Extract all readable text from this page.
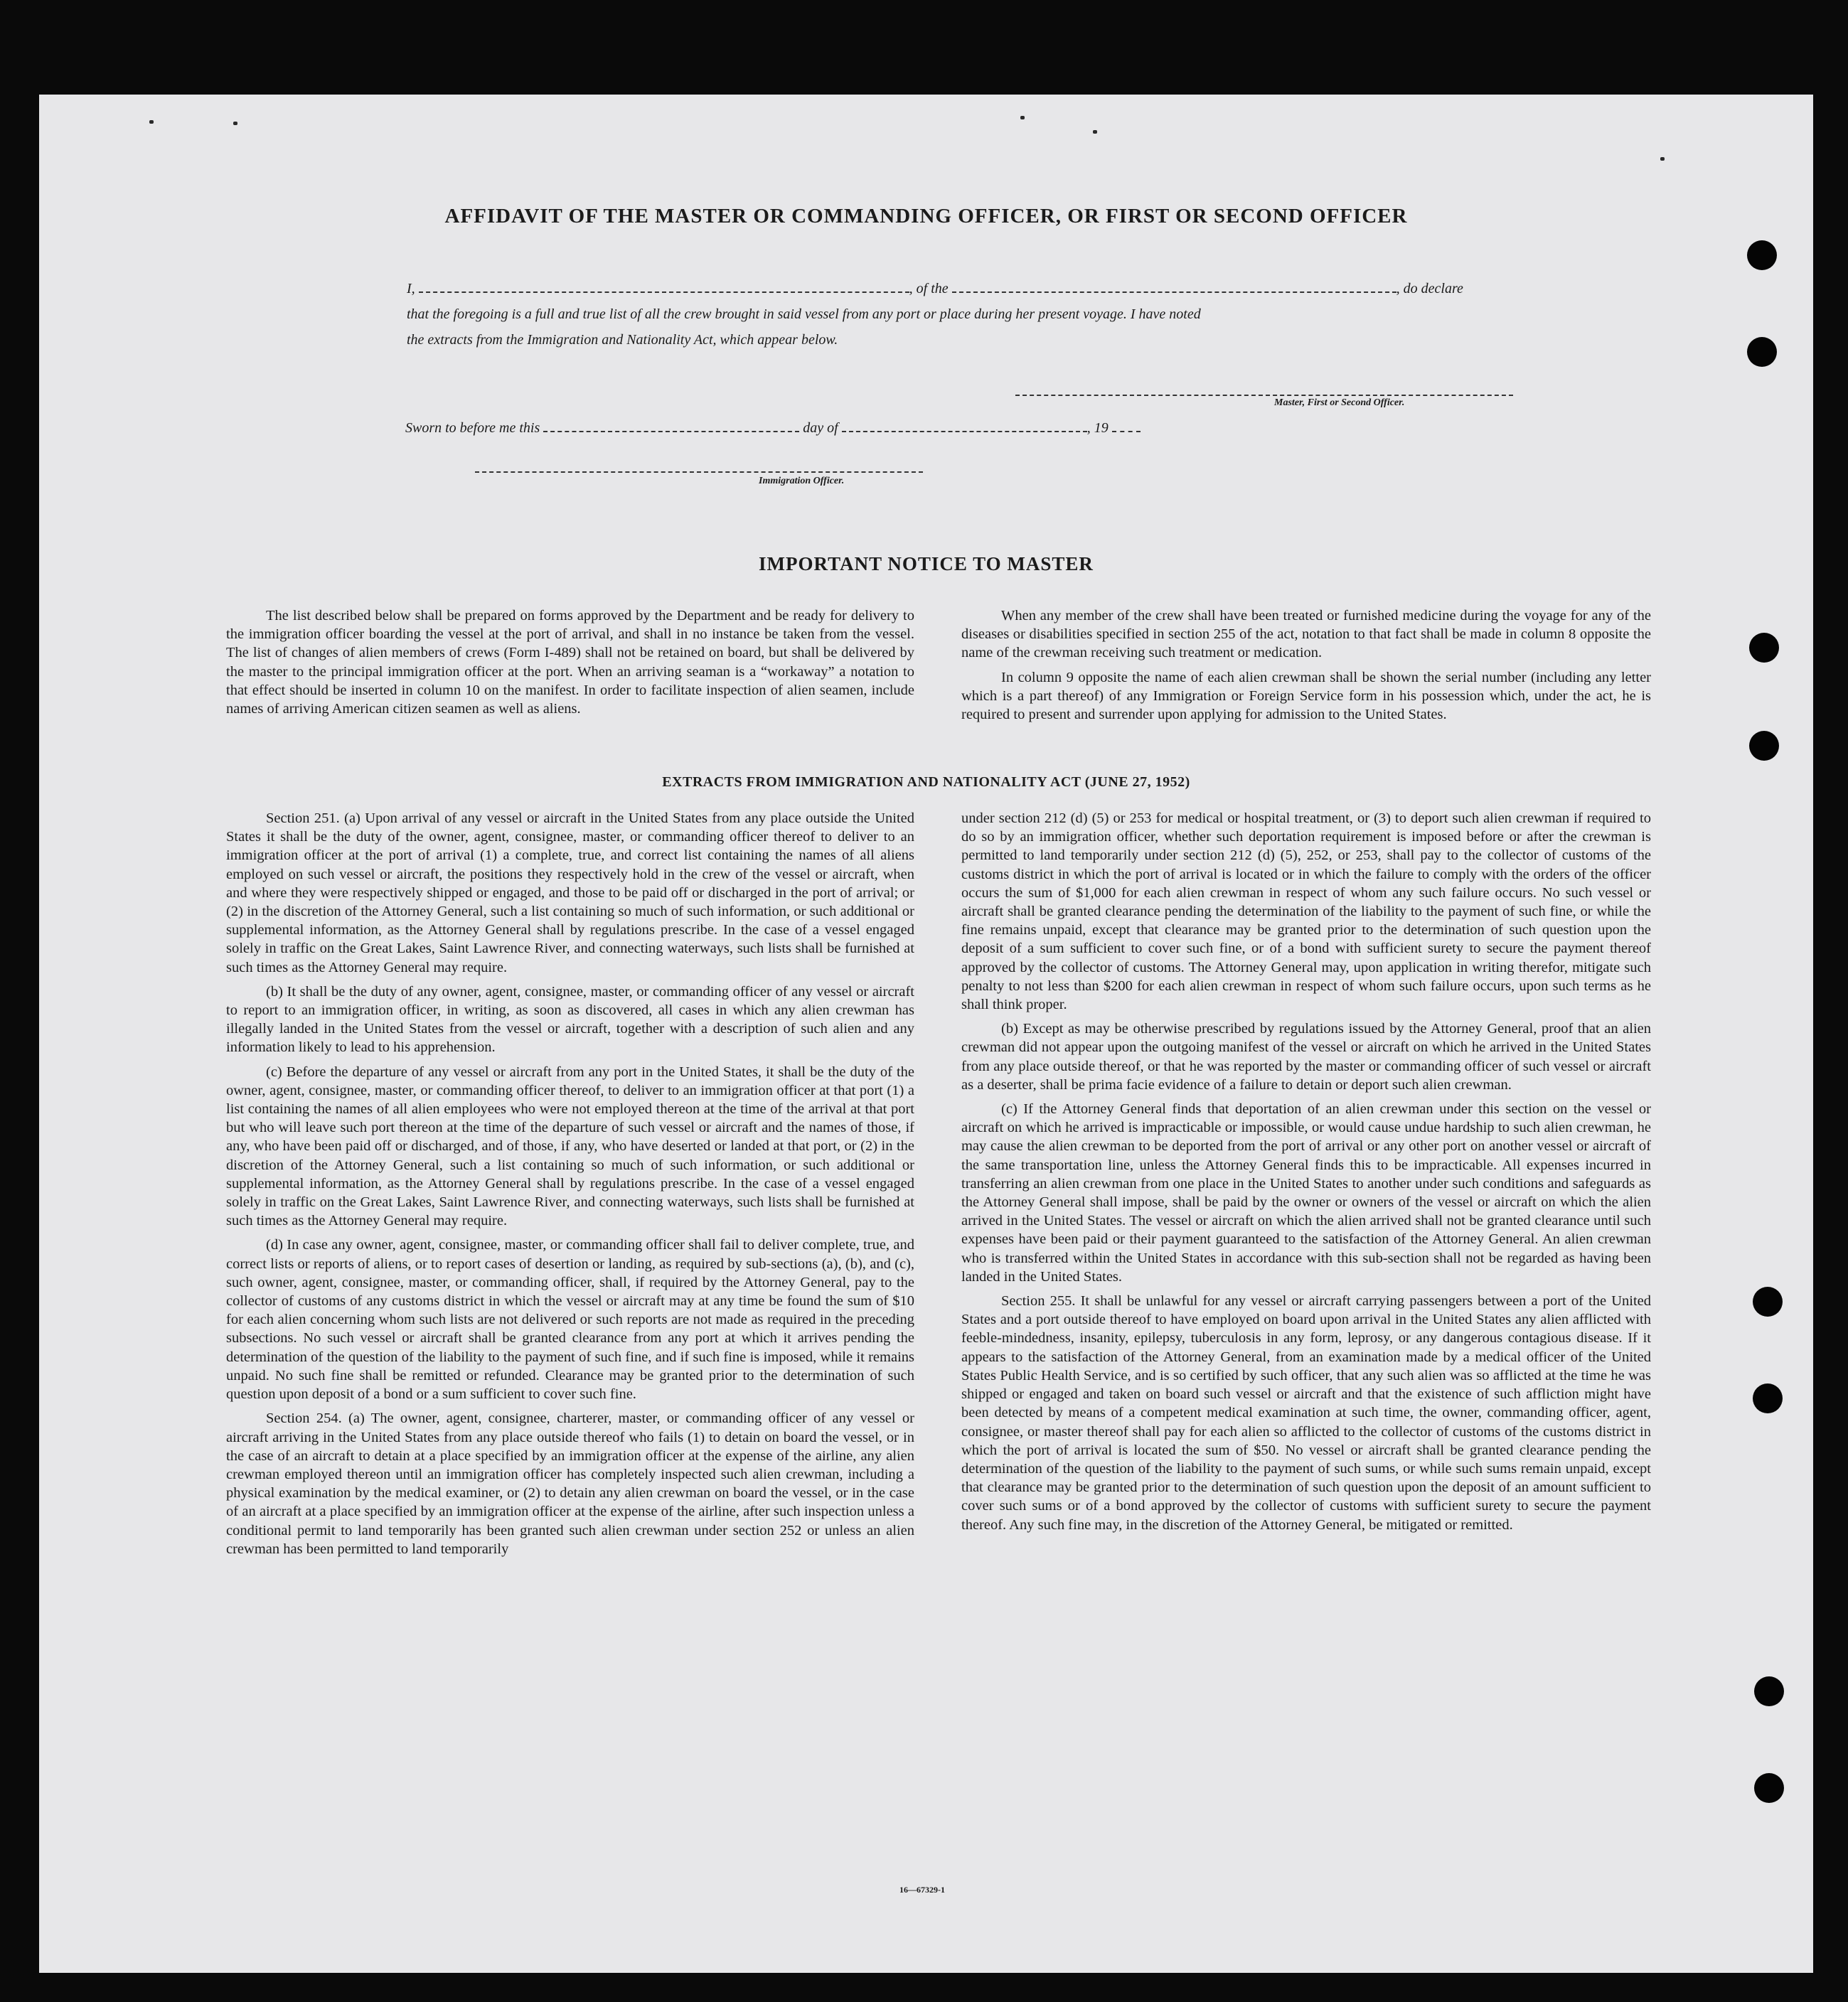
AFFIDAVIT OF THE MASTER OR COMMANDING OFFICER, OR FIRST OR SECOND OFFICER
I,	, of the	, do declare
that the foregoing is a full and true list of all the crew brought in said vessel from any port or place during her present voyage. I have noted
the extracts from the Immigration and Nationality Act, which appear below.
Master, First or Second Officer.
Sworn to before me this	day of	, 19
Immigration Officer.
IMPORTANT NOTICE TO MASTER

The list described below shall be prepared on forms approved by the Department and be ready for delivery to the immigration officer boarding the vessel at the port of arrival, and shall in no instance be taken from the vessel. The list of changes of alien members of crews (Form I-489) shall not be retained on board, but shall be delivered by the master to the principal immigration officer at the port. When an arriving seaman is a “workaway” a notation to that effect should be inserted in column 10 on the manifest. In order to facilitate inspection of alien seamen, include names of arriving American citizen seamen as well as aliens.

When any member of the crew shall have been treated or furnished medicine during the voyage for any of the diseases or disabilities specified in section 255 of the act, notation to that fact shall be made in column 8 opposite the name of the crewman receiving such treatment or medication.

In column 9 opposite the name of each alien crewman shall be shown the serial number (including any letter which is a part thereof) of any Immigration or Foreign Service form in his possession which, under the act, he is required to present and surrender upon applying for admission to the United States.

EXTRACTS FROM IMMIGRATION AND NATIONALITY ACT (JUNE 27, 1952)

Section 251. (a) Upon arrival of any vessel or aircraft in the United States from any place outside the United States it shall be the duty of the owner, agent, consignee, master, or commanding officer thereof to deliver to an immigration officer at the port of arrival (1) a complete, true, and correct list containing the names of all aliens employed on such vessel or aircraft, the positions they respectively hold in the crew of the vessel or aircraft, when and where they were respectively shipped or engaged, and those to be paid off or discharged in the port of arrival; or (2) in the discretion of the Attorney General, such a list containing so much of such information, or such additional or supplemental information, as the Attorney General shall by regulations prescribe. In the case of a vessel engaged solely in traffic on the Great Lakes, Saint Lawrence River, and connecting waterways, such lists shall be furnished at such times as the Attorney General may require.

(b) It shall be the duty of any owner, agent, consignee, master, or commanding officer of any vessel or aircraft to report to an immigration officer, in writing, as soon as discovered, all cases in which any alien crewman has illegally landed in the United States from the vessel or aircraft, together with a description of such alien and any information likely to lead to his apprehension.

(c) Before the departure of any vessel or aircraft from any port in the United States, it shall be the duty of the owner, agent, consignee, master, or commanding officer thereof, to deliver to an immigration officer at that port (1) a list containing the names of all alien employees who were not employed thereon at the time of the arrival at that port but who will leave such port thereon at the time of the departure of such vessel or aircraft and the names of those, if any, who have been paid off or discharged, and of those, if any, who have deserted or landed at that port, or (2) in the discretion of the Attorney General, such a list containing so much of such information, or such additional or supplemental information, as the Attorney General shall by regulations prescribe. In the case of a vessel engaged solely in traffic on the Great Lakes, Saint Lawrence River, and connecting waterways, such lists shall be furnished at such times as the Attorney General may require.

(d) In case any owner, agent, consignee, master, or commanding officer shall fail to deliver complete, true, and correct lists or reports of aliens, or to report cases of desertion or landing, as required by sub-sections (a), (b), and (c), such owner, agent, consignee, master, or commanding officer, shall, if required by the Attorney General, pay to the collector of customs of any customs district in which the vessel or aircraft may at any time be found the sum of $10 for each alien concerning whom such lists are not delivered or such reports are not made as required in the preceding subsections. No such vessel or aircraft shall be granted clearance from any port at which it arrives pending the determination of the question of the liability to the payment of such fine, and if such fine is imposed, while it remains unpaid. No such fine shall be remitted or refunded. Clearance may be granted prior to the determination of such question upon deposit of a bond or a sum sufficient to cover such fine.

Section 254. (a) The owner, agent, consignee, charterer, master, or commanding officer of any vessel or aircraft arriving in the United States from any place outside thereof who fails (1) to detain on board the vessel, or in the case of an aircraft to detain at a place specified by an immigration officer at the expense of the airline, any alien crewman employed thereon until an immigration officer has completely inspected such alien crewman, including a physical examination by the medical examiner, or (2) to detain any alien crewman on board the vessel, or in the case of an aircraft at a place specified by an immigration officer at the expense of the airline, after such inspection unless a conditional permit to land temporarily has been granted such alien crewman under section 252 or unless an alien crewman has been permitted to land temporarily

under section 212 (d) (5) or 253 for medical or hospital treatment, or (3) to deport such alien crewman if required to do so by an immigration officer, whether such deportation requirement is imposed before or after the crewman is permitted to land temporarily under section 212 (d) (5), 252, or 253, shall pay to the collector of customs of the customs district in which the port of arrival is located or in which the failure to comply with the orders of the officer occurs the sum of $1,000 for each alien crewman in respect of whom any such failure occurs. No such vessel or aircraft shall be granted clearance pending the determination of the liability to the payment of such fine, or while the fine remains unpaid, except that clearance may be granted prior to the determination of such question upon the deposit of a sum sufficient to cover such fine, or of a bond with sufficient surety to secure the payment thereof approved by the collector of customs. The Attorney General may, upon application in writing therefor, mitigate such penalty to not less than $200 for each alien crewman in respect of whom such failure occurs, upon such terms as he shall think proper.

(b) Except as may be otherwise prescribed by regulations issued by the Attorney General, proof that an alien crewman did not appear upon the outgoing manifest of the vessel or aircraft on which he arrived in the United States from any place outside thereof, or that he was reported by the master or commanding officer of such vessel or aircraft as a deserter, shall be prima facie evidence of a failure to detain or deport such alien crewman.

(c) If the Attorney General finds that deportation of an alien crewman under this section on the vessel or aircraft on which he arrived is impracticable or impossible, or would cause undue hardship to such alien crewman, he may cause the alien crewman to be deported from the port of arrival or any other port on another vessel or aircraft of the same transportation line, unless the Attorney General finds this to be impracticable. All expenses incurred in transferring an alien crewman from one place in the United States to another under such conditions and safeguards as the Attorney General shall impose, shall be paid by the owner or owners of the vessel or aircraft on which the alien arrived in the United States. The vessel or aircraft on which the alien arrived shall not be granted clearance until such expenses have been paid or their payment guaranteed to the satisfaction of the Attorney General. An alien crewman who is transferred within the United States in accordance with this sub-section shall not be regarded as having been landed in the United States.

Section 255. It shall be unlawful for any vessel or aircraft carrying passengers between a port of the United States and a port outside thereof to have employed on board upon arrival in the United States any alien afflicted with feeble-mindedness, insanity, epilepsy, tuberculosis in any form, leprosy, or any dangerous contagious disease. If it appears to the satisfaction of the Attorney General, from an examination made by a medical officer of the United States Public Health Service, and is so certified by such officer, that any such alien was so afflicted at the time he was shipped or engaged and taken on board such vessel or aircraft and that the existence of such affliction might have been detected by means of a competent medical examination at such time, the owner, commanding officer, agent, consignee, or master thereof shall pay for each alien so afflicted to the collector of customs of the customs district in which the port of arrival is located the sum of $50. No vessel or aircraft shall be granted clearance pending the determination of the question of the liability to the payment of such sums, or while such sums remain unpaid, except that clearance may be granted prior to the determination of such question upon the deposit of an amount sufficient to cover such sums or of a bond approved by the collector of customs with sufficient surety to secure the payment thereof. Any such fine may, in the discretion of the Attorney General, be mitigated or remitted.

16—67329-1
